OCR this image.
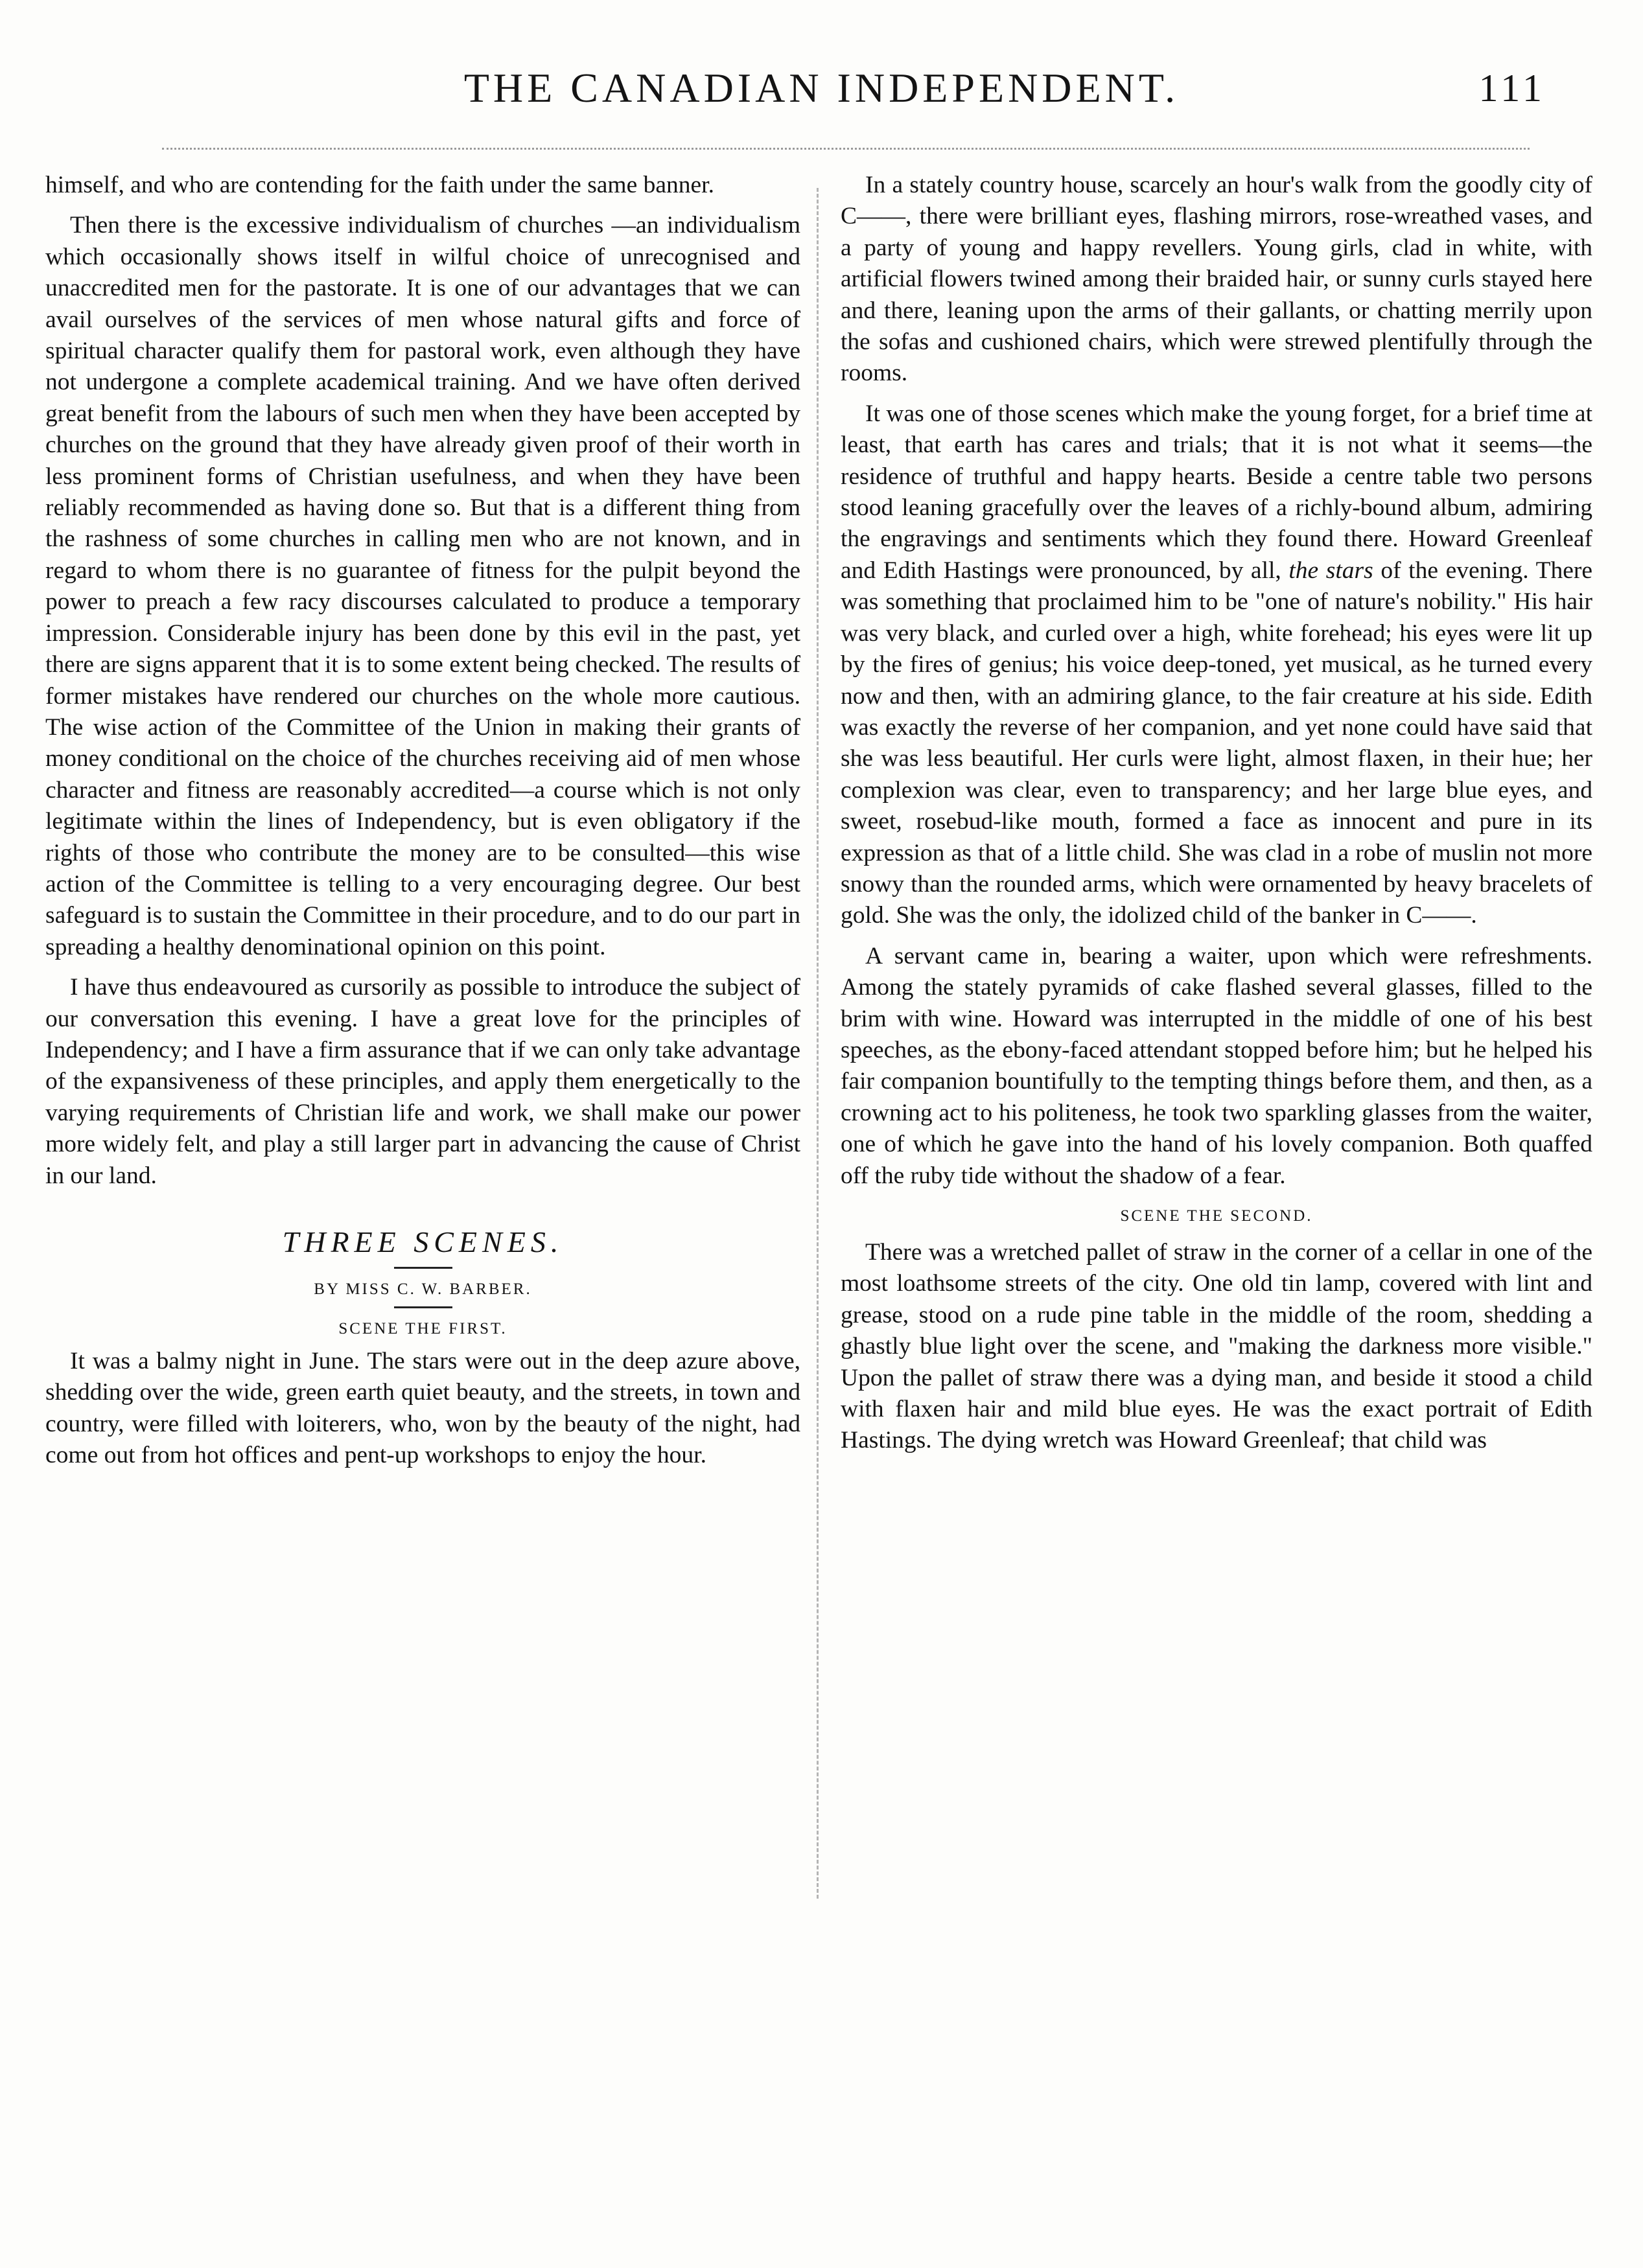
THE CANADIAN INDEPENDENT.	111

himself, and who are contending for the faith under the same banner.

Then there is the excessive individualism of churches —an individualism which occasionally shows itself in wilful choice of unrecognised and unaccredited men for the pastorate. It is one of our advantages that we can avail ourselves of the services of men whose natural gifts and force of spiritual character qualify them for pastoral work, even although they have not undergone a complete academical training. And we have often derived great benefit from the labours of such men when they have been accepted by churches on the ground that they have already given proof of their worth in less prominent forms of Christian usefulness, and when they have been reliably recommended as having done so. But that is a different thing from the rashness of some churches in calling men who are not known, and in regard to whom there is no guarantee of fitness for the pulpit beyond the power to preach a few racy discourses calculated to produce a temporary impression. Considerable injury has been done by this evil in the past, yet there are signs apparent that it is to some extent being checked. The results of former mistakes have rendered our churches on the whole more cautious. The wise action of the Committee of the Union in making their grants of money conditional on the choice of the churches receiving aid of men whose character and fitness are reasonably accredited—a course which is not only legitimate within the lines of Independency, but is even obligatory if the rights of those who contribute the money are to be consulted—this wise action of the Committee is telling to a very encouraging degree. Our best safeguard is to sustain the Committee in their procedure, and to do our part in spreading a healthy denominational opinion on this point.

I have thus endeavoured as cursorily as possible to introduce the subject of our conversation this evening. I have a great love for the principles of Independency; and I have a firm assurance that if we can only take advantage of the expansiveness of these principles, and apply them energetically to the varying requirements of Christian life and work, we shall make our power more widely felt, and play a still larger part in advancing the cause of Christ in our land.

THREE SCENES.
BY MISS C. W. BARBER.
SCENE THE FIRST.

It was a balmy night in June. The stars were out in the deep azure above, shedding over the wide, green earth quiet beauty, and the streets, in town and country, were filled with loiterers, who, won by the beauty of the night, had come out from hot offices and pent-up workshops to enjoy the hour.

In a stately country house, scarcely an hour's walk from the goodly city of C——, there were brilliant eyes, flashing mirrors, rose-wreathed vases, and a party of young and happy revellers. Young girls, clad in white, with artificial flowers twined among their braided hair, or sunny curls stayed here and there, leaning upon the arms of their gallants, or chatting merrily upon the sofas and cushioned chairs, which were strewed plentifully through the rooms.

It was one of those scenes which make the young forget, for a brief time at least, that earth has cares and trials; that it is not what it seems—the residence of truthful and happy hearts. Beside a centre table two persons stood leaning gracefully over the leaves of a richly-bound album, admiring the engravings and sentiments which they found there. Howard Greenleaf and Edith Hastings were pronounced, by all, the stars of the evening. There was something that proclaimed him to be "one of nature's nobility." His hair was very black, and curled over a high, white forehead; his eyes were lit up by the fires of genius; his voice deep-toned, yet musical, as he turned every now and then, with an admiring glance, to the fair creature at his side. Edith was exactly the reverse of her companion, and yet none could have said that she was less beautiful. Her curls were light, almost flaxen, in their hue; her complexion was clear, even to transparency; and her large blue eyes, and sweet, rosebud-like mouth, formed a face as innocent and pure in its expression as that of a little child. She was clad in a robe of muslin not more snowy than the rounded arms, which were ornamented by heavy bracelets of gold. She was the only, the idolized child of the banker in C——.

A servant came in, bearing a waiter, upon which were refreshments. Among the stately pyramids of cake flashed several glasses, filled to the brim with wine. Howard was interrupted in the middle of one of his best speeches, as the ebony-faced attendant stopped before him; but he helped his fair companion bountifully to the tempting things before them, and then, as a crowning act to his politeness, he took two sparkling glasses from the waiter, one of which he gave into the hand of his lovely companion. Both quaffed off the ruby tide without the shadow of a fear.

SCENE THE SECOND.

There was a wretched pallet of straw in the corner of a cellar in one of the most loathsome streets of the city. One old tin lamp, covered with lint and grease, stood on a rude pine table in the middle of the room, shedding a ghastly blue light over the scene, and "making the darkness more visible." Upon the pallet of straw there was a dying man, and beside it stood a child with flaxen hair and mild blue eyes. He was the exact portrait of Edith Hastings. The dying wretch was Howard Greenleaf; that child was
